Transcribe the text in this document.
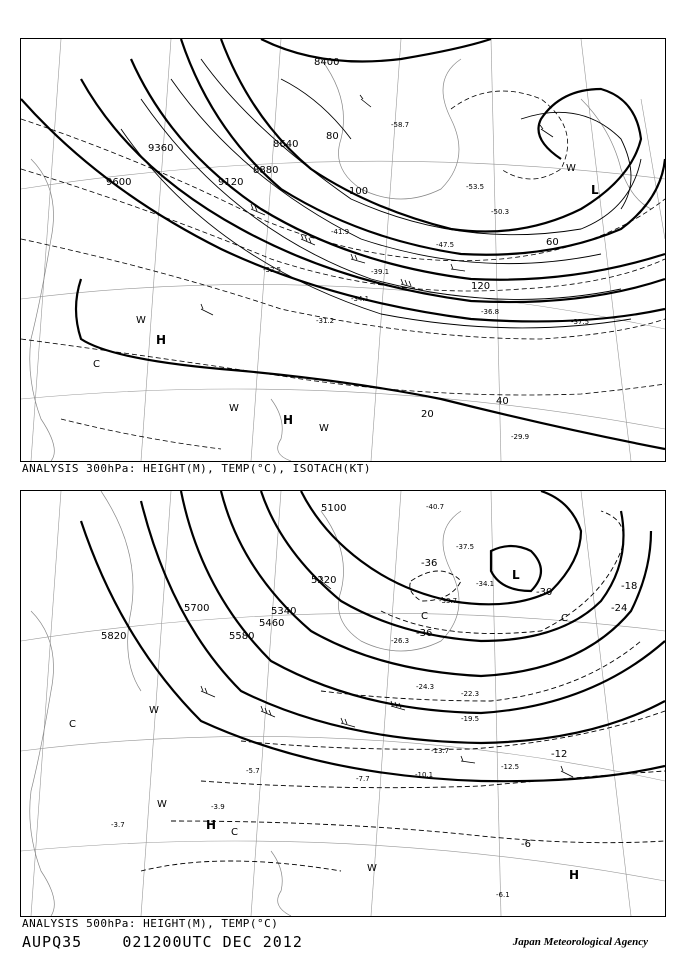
8400
8640
8880
9120
9360
9600
20
40
60
80
100
120
H
H
L
W
W
W
W
C
-58.7
-53.5
-50.3
-47.5
-41.9
-39.1
-34.1
-32.5
-31.2
-29.9
-36.8
-37.5
ANALYSIS 300hPa: HEIGHT(M), TEMP(°C), ISOTACH(KT)
5100
5220
5340
5460
5580
5700
5820
-36
-36
-30
-24
-18
-12
-6
L
H
H
W
W
W
C
C
C	C
-40.7
-37.5
-34.1
-33.7
-26.3
-24.3
-22.3
-19.5
-13.7
-12.5
-10.1
-7.7
-6.1
-5.7
-3.9
-3.7
ANALYSIS 500hPa: HEIGHT(M), TEMP(°C)
AUPQ35	021200UTC DEC 2012	Japan Meteorological Agency
